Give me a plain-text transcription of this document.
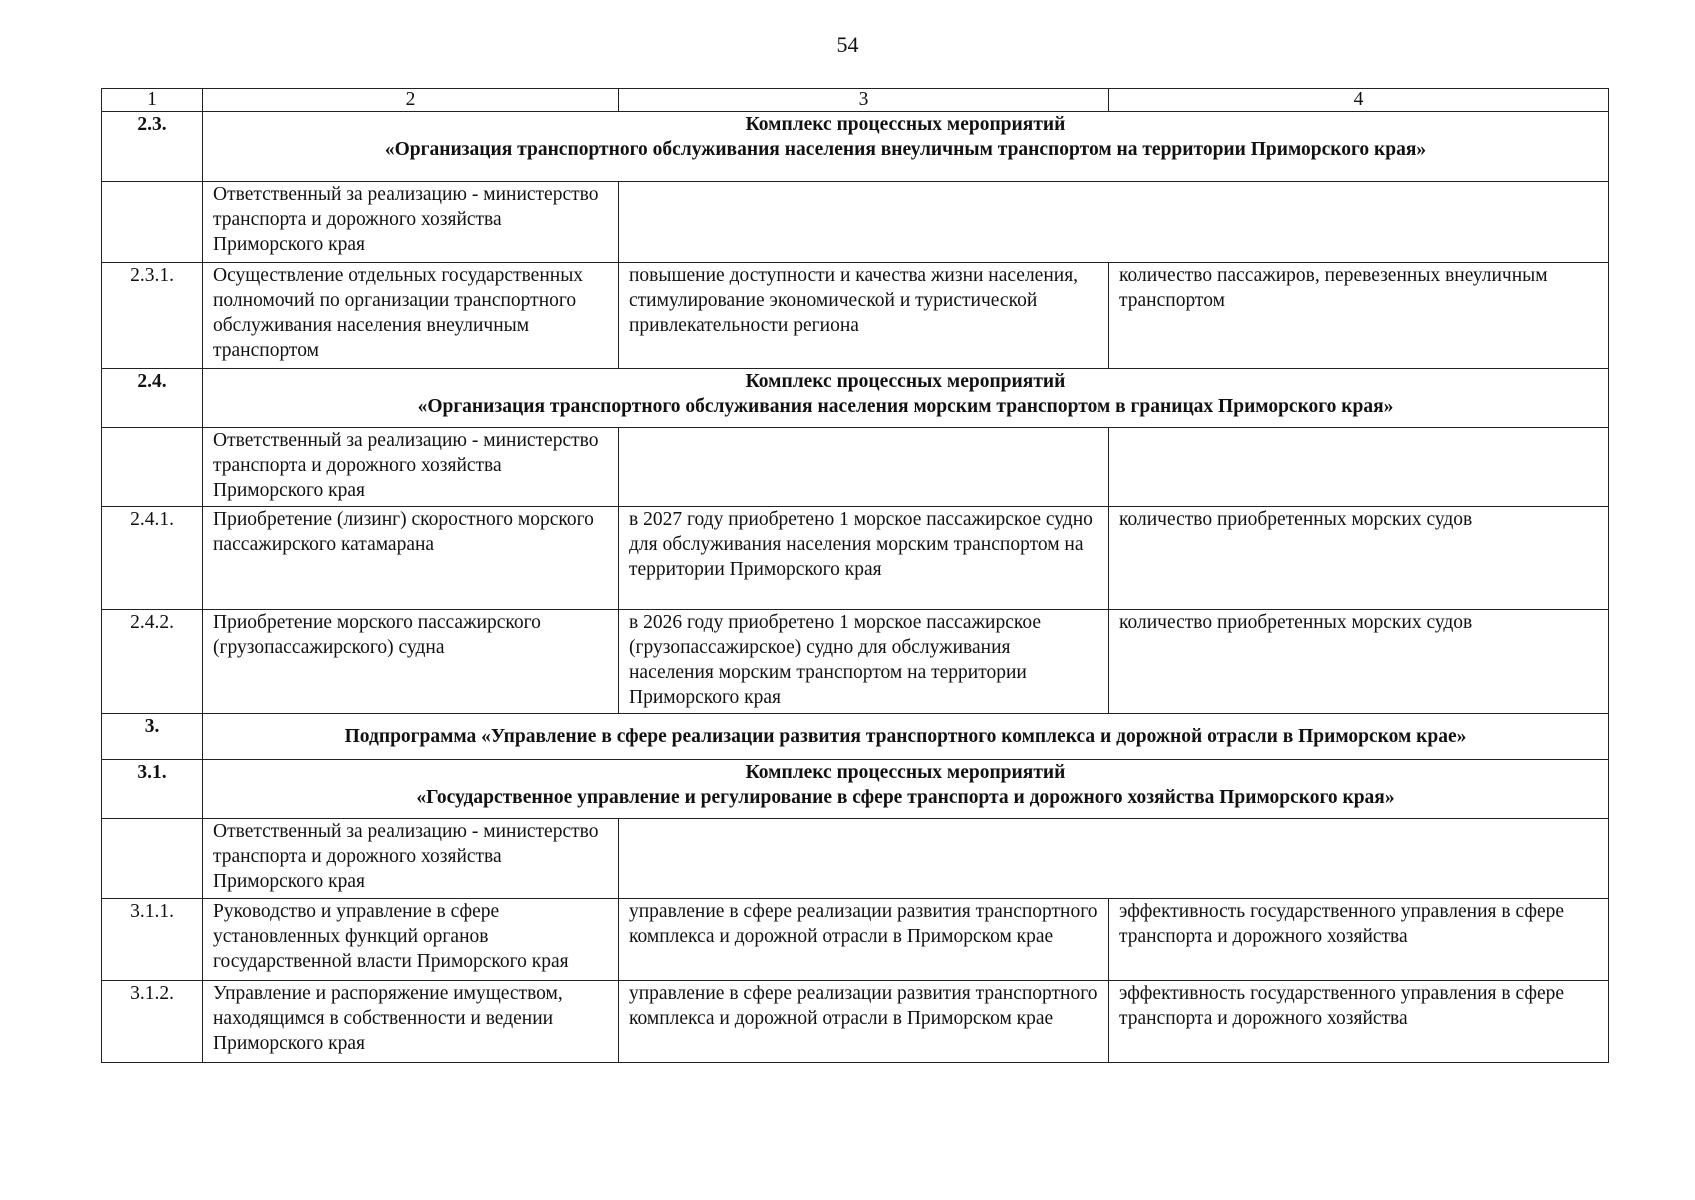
54
1	2	3	4
2.3.	Комплекс процессных мероприятий
«Организация транспортного обслуживания населения внеуличным транспортом на территории Приморского края»		

	Ответственный за реализацию - министерство транспорта и дорожного хозяйства Приморского края		
2.3.1.	Осуществление отдельных государственных полномочий по организации транспортного обслуживания населения внеуличным транспортом	повышение доступности и качества жизни населения, стимулирование экономической и туристической привлекательности региона	количество пассажиров, перевезенных внеуличным транспортом
2.4.	Комплекс процессных мероприятий
«Организация транспортного обслуживания населения морским транспортом в границах Приморского края»		

	Ответственный за реализацию - министерство транспорта и дорожного хозяйства Приморского края		
2.4.1.	Приобретение (лизинг) скоростного морского пассажирского катамарана	в 2027 году приобретено 1 морское пассажирское судно для обслуживания населения морским транспортом на территории Приморского края	количество приобретенных морских судов
2.4.2.	Приобретение морского пассажирского (грузопассажирского) судна	в 2026 году приобретено 1 морское пассажирское (грузопассажирское) судно для обслуживания населения морским транспортом на территории Приморского края	количество приобретенных морских судов
3.	Подпрограмма «Управление в сфере реализации развития транспортного комплекса и дорожной отрасли в Приморском крае»		
3.1.	Комплекс процессных мероприятий
«Государственное управление и регулирование в сфере транспорта и дорожного хозяйства Приморского края»		

	Ответственный за реализацию - министерство транспорта и дорожного хозяйства Приморского края		
3.1.1.	Руководство и управление в сфере установленных функций органов государственной власти Приморского края	управление в сфере реализации развития транспортного комплекса и дорожной отрасли в Приморском крае	эффективность государственного управления в сфере транспорта и дорожного хозяйства
3.1.2.	Управление и распоряжение имуществом, находящимся в собственности и ведении Приморского края	управление в сфере реализации развития транспортного комплекса и дорожной отрасли в Приморском крае	эффективность государственного управления в сфере транспорта и дорожного хозяйства
